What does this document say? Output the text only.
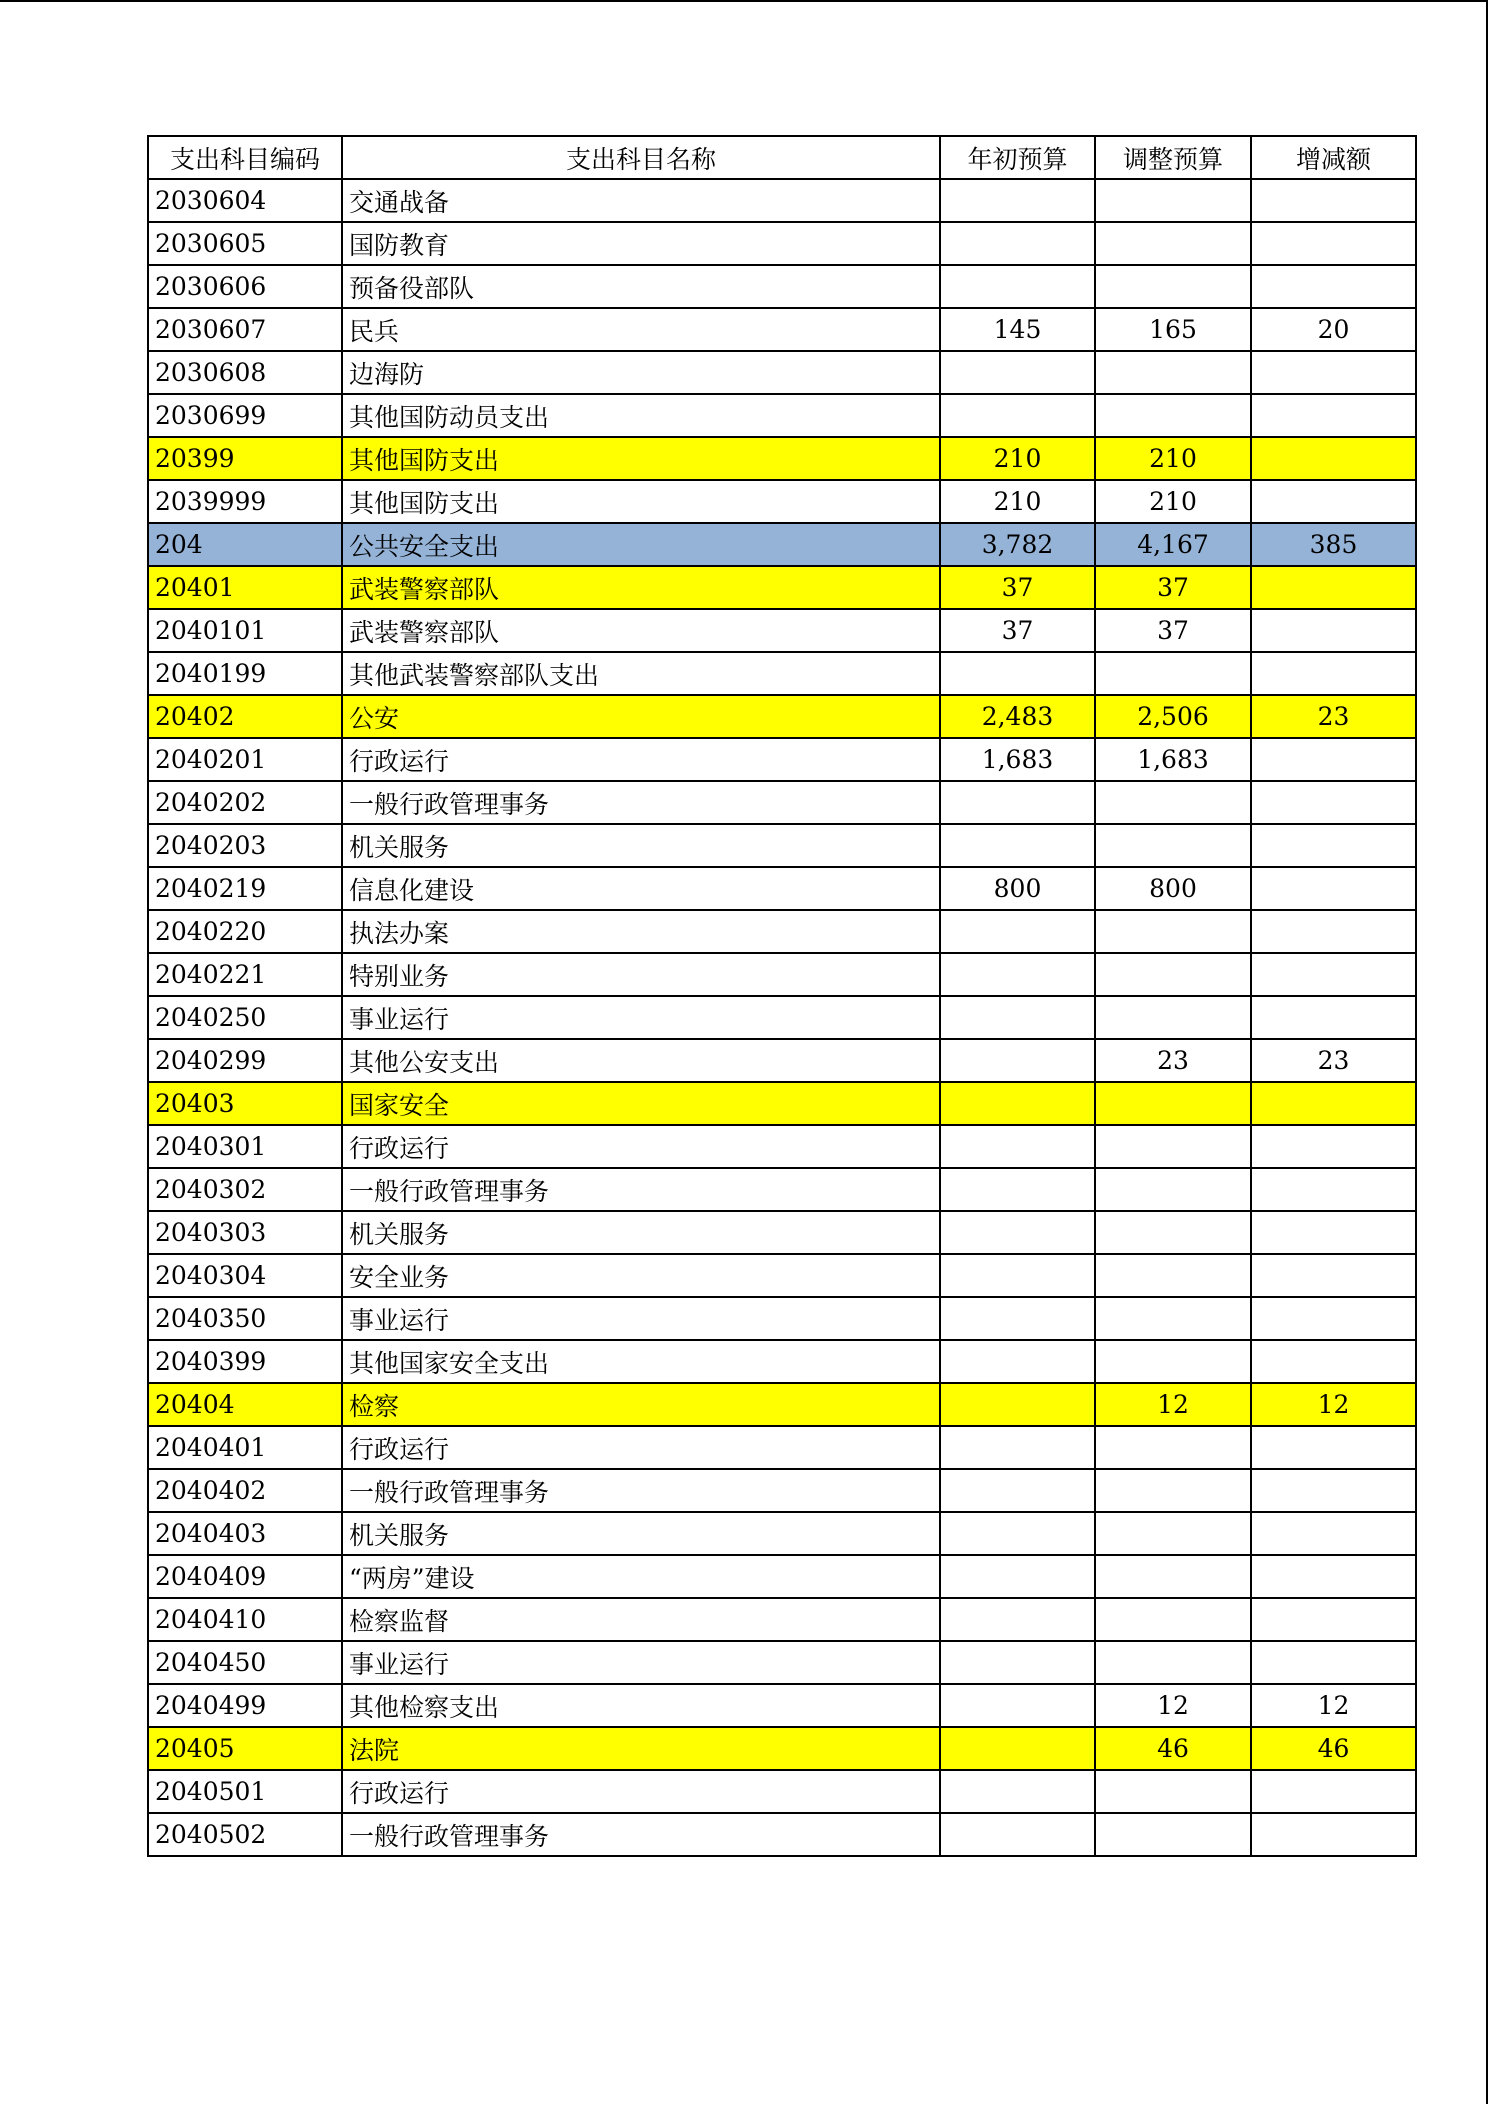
支出科目编码	支出科目名称	年初预算	调整预算	增减额
2030604	交通战备			
2030605	国防教育			
2030606	预备役部队			
2030607	民兵	145	165	20
2030608	边海防			
2030699	其他国防动员支出			
20399	其他国防支出	210	210	
2039999	其他国防支出	210	210	
204	公共安全支出	3,782	4,167	385
20401	武装警察部队	37	37	
2040101	武装警察部队	37	37	
2040199	其他武装警察部队支出			
20402	公安	2,483	2,506	23
2040201	行政运行	1,683	1,683	
2040202	一般行政管理事务			
2040203	机关服务			
2040219	信息化建设	800	800	
2040220	执法办案			
2040221	特别业务			
2040250	事业运行			
2040299	其他公安支出		23	23
20403	国家安全			
2040301	行政运行			
2040302	一般行政管理事务			
2040303	机关服务			
2040304	安全业务			
2040350	事业运行			
2040399	其他国家安全支出			
20404	检察		12	12
2040401	行政运行			
2040402	一般行政管理事务			
2040403	机关服务			
2040409	“两房”建设			
2040410	检察监督			
2040450	事业运行			
2040499	其他检察支出		12	12
20405	法院		46	46
2040501	行政运行			
2040502	一般行政管理事务			
